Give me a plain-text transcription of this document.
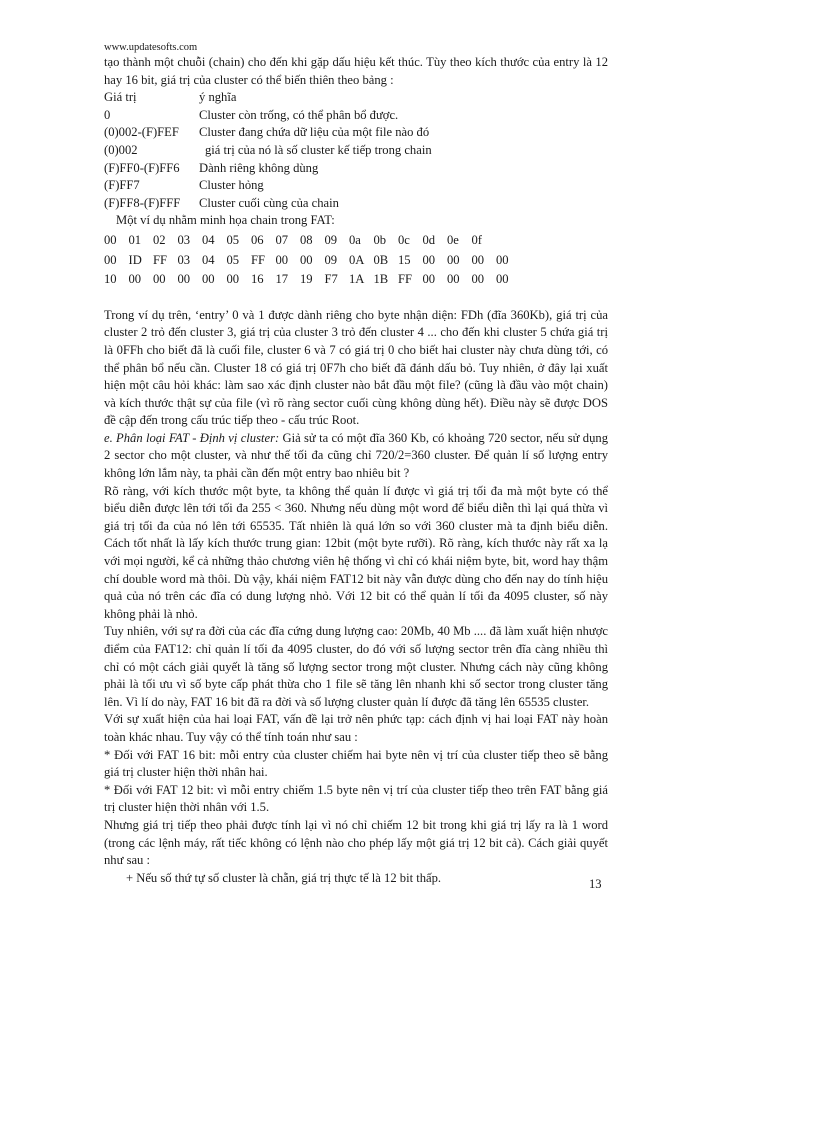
www.updatesofts.com

tạo thành một chuỗi (chain) cho đến khi gặp dấu hiệu kết thúc. Tùy theo kích thước của entry là 12 hay 16 bit, giá trị của cluster có thể biến thiên theo bảng :

Giá trị	ý nghĩa
0	Cluster còn trống, có thể phân bổ được.
(0)002-(F)FEF	Cluster đang chứa dữ liệu của một file nào đó
(0)002	giá trị của nó là số cluster kế tiếp trong chain
(F)FF0-(F)FF6	Dành riêng không dùng
(F)FF7	Cluster hỏng
(F)FF8-(F)FFF	Cluster cuối cùng của chain

Một ví dụ nhằm minh họa chain trong FAT:

00 01 02 03 04 05 06 07 08 09 0a	0b 0c	0d 0e	0f
00 ID FF 03 04 05 FF 00 00 09 0A 0B 15 00 00 00 00
10 00 00 00 00 00 16 17 19 F7 1A 1B FF 00 00 00 00

Trong ví dụ trên, ‘entry’ 0 và 1 được dành riêng cho byte nhận diện: FDh (đĩa 360Kb), giá trị của cluster 2 trỏ đến cluster 3, giá trị của cluster 3 trỏ đến cluster 4 ... cho đến khi cluster 5 chứa giá trị là 0FFh cho biết đã là cuối file, cluster 6 và 7 có giá trị 0 cho biết hai cluster này chưa dùng tới, có thể phân bổ nếu cần. Cluster 18 có giá trị 0F7h cho biết đã đánh dấu bỏ. Tuy nhiên, ở đây lại xuất hiện một câu hỏi khác: làm sao xác định cluster nào bắt đầu một file? (cũng là đầu vào một chain) và kích thước thật sự của file (vì rõ ràng sector cuối cùng không dùng hết). Điều này sẽ được DOS đề cập đến trong cấu trúc tiếp theo - cấu trúc Root.

e. Phân loại FAT - Định vị cluster: Giả sử ta có một đĩa 360 Kb, có khoảng 720 sector, nếu sử dụng 2 sector cho một cluster, và như thế tối đa cũng chỉ 720/2=360 cluster. Để quản lí số lượng entry không lớn lắm này, ta phải cần đến một entry bao nhiêu bit ?

Rõ ràng, với kích thước một byte, ta không thể quản lí được vì giá trị tối đa mà một byte có thể biểu diễn được lên tới tối đa 255 < 360. Nhưng nếu dùng một word để biểu diễn thì lại quá thừa vì giá trị tối đa của nó lên tới 65535. Tất nhiên là quá lớn so với 360 cluster mà ta định biểu diễn. Cách tốt nhất là lấy kích thước trung gian: 12bit (một byte rưỡi). Rõ ràng, kích thước này rất xa lạ với mọi người, kể cả những thảo chương viên hệ thống vì chỉ có khái niệm byte, bit, word hay thậm chí double word mà thôi. Dù vậy, khái niệm FAT12 bit này vẫn được dùng cho đến nay do tính hiệu quả của nó trên các đĩa có dung lượng nhỏ. Với 12 bit có thể quản lí tối đa 4095 cluster, số này không phải là nhỏ.

Tuy nhiên, với sự ra đời của các đĩa cứng dung lượng cao: 20Mb, 40 Mb .... đã làm xuất hiện nhược điểm của FAT12: chỉ quản lí tối đa 4095 cluster, do đó với số lượng sector trên đĩa càng nhiều thì chỉ có một cách giải quyết là tăng số lượng sector trong một cluster. Nhưng cách này cũng không phải là tối ưu vì số byte cấp phát thừa cho 1 file sẽ tăng lên nhanh khi số sector trong cluster tăng lên. Vì lí do này, FAT 16 bit đã ra đời và số lượng cluster quản lí được đã tăng lên 65535 cluster.

Với sự xuất hiện của hai loại FAT, vấn đề lại trở nên phức tạp: cách định vị hai loại FAT này hoàn toàn khác nhau. Tuy vậy có thể tính toán như sau :

* Đối với FAT 16 bit: mỗi entry của cluster chiếm hai byte nên vị trí của cluster tiếp theo sẽ bằng giá trị cluster hiện thời nhân hai.

* Đối với FAT 12 bit: vì mỗi entry chiếm 1.5 byte nên vị trí của cluster tiếp theo trên FAT bằng giá trị cluster hiện thời nhân với 1.5.

Nhưng giá trị tiếp theo phải được tính lại vì nó chỉ chiếm 12 bit trong khi giá trị lấy ra là 1 word (trong các lệnh máy, rất tiếc không có lệnh nào cho phép lấy một giá trị 12 bit cả). Cách giải quyết như sau :

+ Nếu số thứ tự số cluster là chẵn, giá trị thực tế là 12 bit thấp.	13
